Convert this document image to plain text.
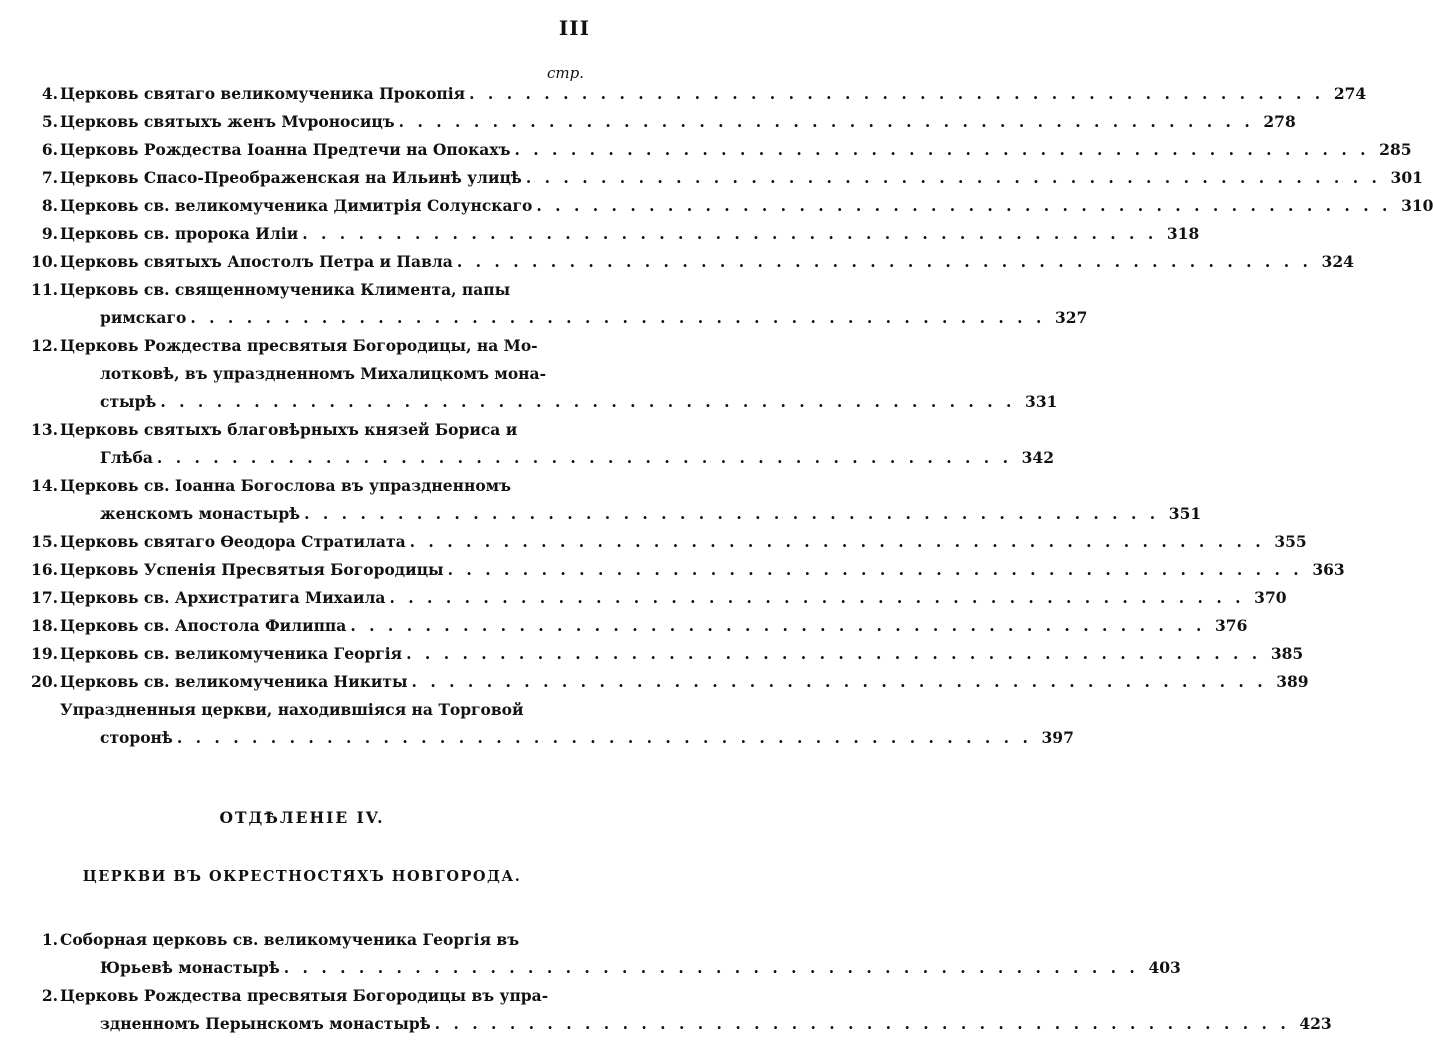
III
стр.
4. Церковь святаго великомученика Прокопія . . . . . . . . . . . . . . . . . . . . . . . . . . . . . . . . . . . . . . . . . . . . . . 274
5. Церковь святыхъ женъ Мvроносицъ . . . . . . . . . . . . . . . . . . . . . . . . . . . . . . . . . . . . . . . . . . . . . . 278
6. Церковь Рождества Іоанна Предтечи на Опокахъ . . . . . . . . . . . . . . . . . . . . . . . . . . . . . . . . . . . . . . . . . . . . . . 285
7. Церковь Спасо-Преображенская на Ильинѣ улицѣ . . . . . . . . . . . . . . . . . . . . . . . . . . . . . . . . . . . . . . . . . . . . . . 301
8. Церковь св. великомученика Димитрія Солунскаго . . . . . . . . . . . . . . . . . . . . . . . . . . . . . . . . . . . . . . . . . . . . . . 310
9. Церковь св. пророка Иліи . . . . . . . . . . . . . . . . . . . . . . . . . . . . . . . . . . . . . . . . . . . . . . 318
10. Церковь святыхъ Апостолъ Петра и Павла . . . . . . . . . . . . . . . . . . . . . . . . . . . . . . . . . . . . . . . . . . . . . . 324
11. Церковь св. священномученика Климента, папы
римскаго . . . . . . . . . . . . . . . . . . . . . . . . . . . . . . . . . . . . . . . . . . . . . . 327
12. Церковь Рождества пресвятыя Богородицы, на Мо-
лотковѣ, въ упраздненномъ Михалицкомъ мона-
стырѣ . . . . . . . . . . . . . . . . . . . . . . . . . . . . . . . . . . . . . . . . . . . . . . 331
13. Церковь святыхъ благовѣрныхъ князей Бориса и
Глѣба . . . . . . . . . . . . . . . . . . . . . . . . . . . . . . . . . . . . . . . . . . . . . . 342
14. Церковь св. Іоанна Богослова въ упраздненномъ
женскомъ монастырѣ . . . . . . . . . . . . . . . . . . . . . . . . . . . . . . . . . . . . . . . . . . . . . . 351
15. Церковь святаго Ѳеодора Стратилата . . . . . . . . . . . . . . . . . . . . . . . . . . . . . . . . . . . . . . . . . . . . . . 355
16. Церковь Успенія Пресвятыя Богородицы . . . . . . . . . . . . . . . . . . . . . . . . . . . . . . . . . . . . . . . . . . . . . . 363
17. Церковь св. Архистратига Михаила . . . . . . . . . . . . . . . . . . . . . . . . . . . . . . . . . . . . . . . . . . . . . . 370
18. Церковь св. Апостола Филиппа . . . . . . . . . . . . . . . . . . . . . . . . . . . . . . . . . . . . . . . . . . . . . . 376
19. Церковь св. великомученика Георгія . . . . . . . . . . . . . . . . . . . . . . . . . . . . . . . . . . . . . . . . . . . . . . 385
20. Церковь св. великомученика Никиты . . . . . . . . . . . . . . . . . . . . . . . . . . . . . . . . . . . . . . . . . . . . . . 389
Упраздненныя церкви, находившіяся на Торговой
сторонѣ . . . . . . . . . . . . . . . . . . . . . . . . . . . . . . . . . . . . . . . . . . . . . . 397
ОТДѢЛЕНІЕ IV.
ЦЕРКВИ ВЪ ОКРЕСТНОСТЯХЪ НОВГОРОДА.
1. Соборная церковь св. великомученика Георгія въ
Юрьевѣ монастырѣ . . . . . . . . . . . . . . . . . . . . . . . . . . . . . . . . . . . . . . . . . . . . . . 403
2. Церковь Рождества пресвятыя Богородицы въ упра-
здненномъ Перынскомъ монастырѣ . . . . . . . . . . . . . . . . . . . . . . . . . . . . . . . . . . . . . . . . . . . . . . 423
